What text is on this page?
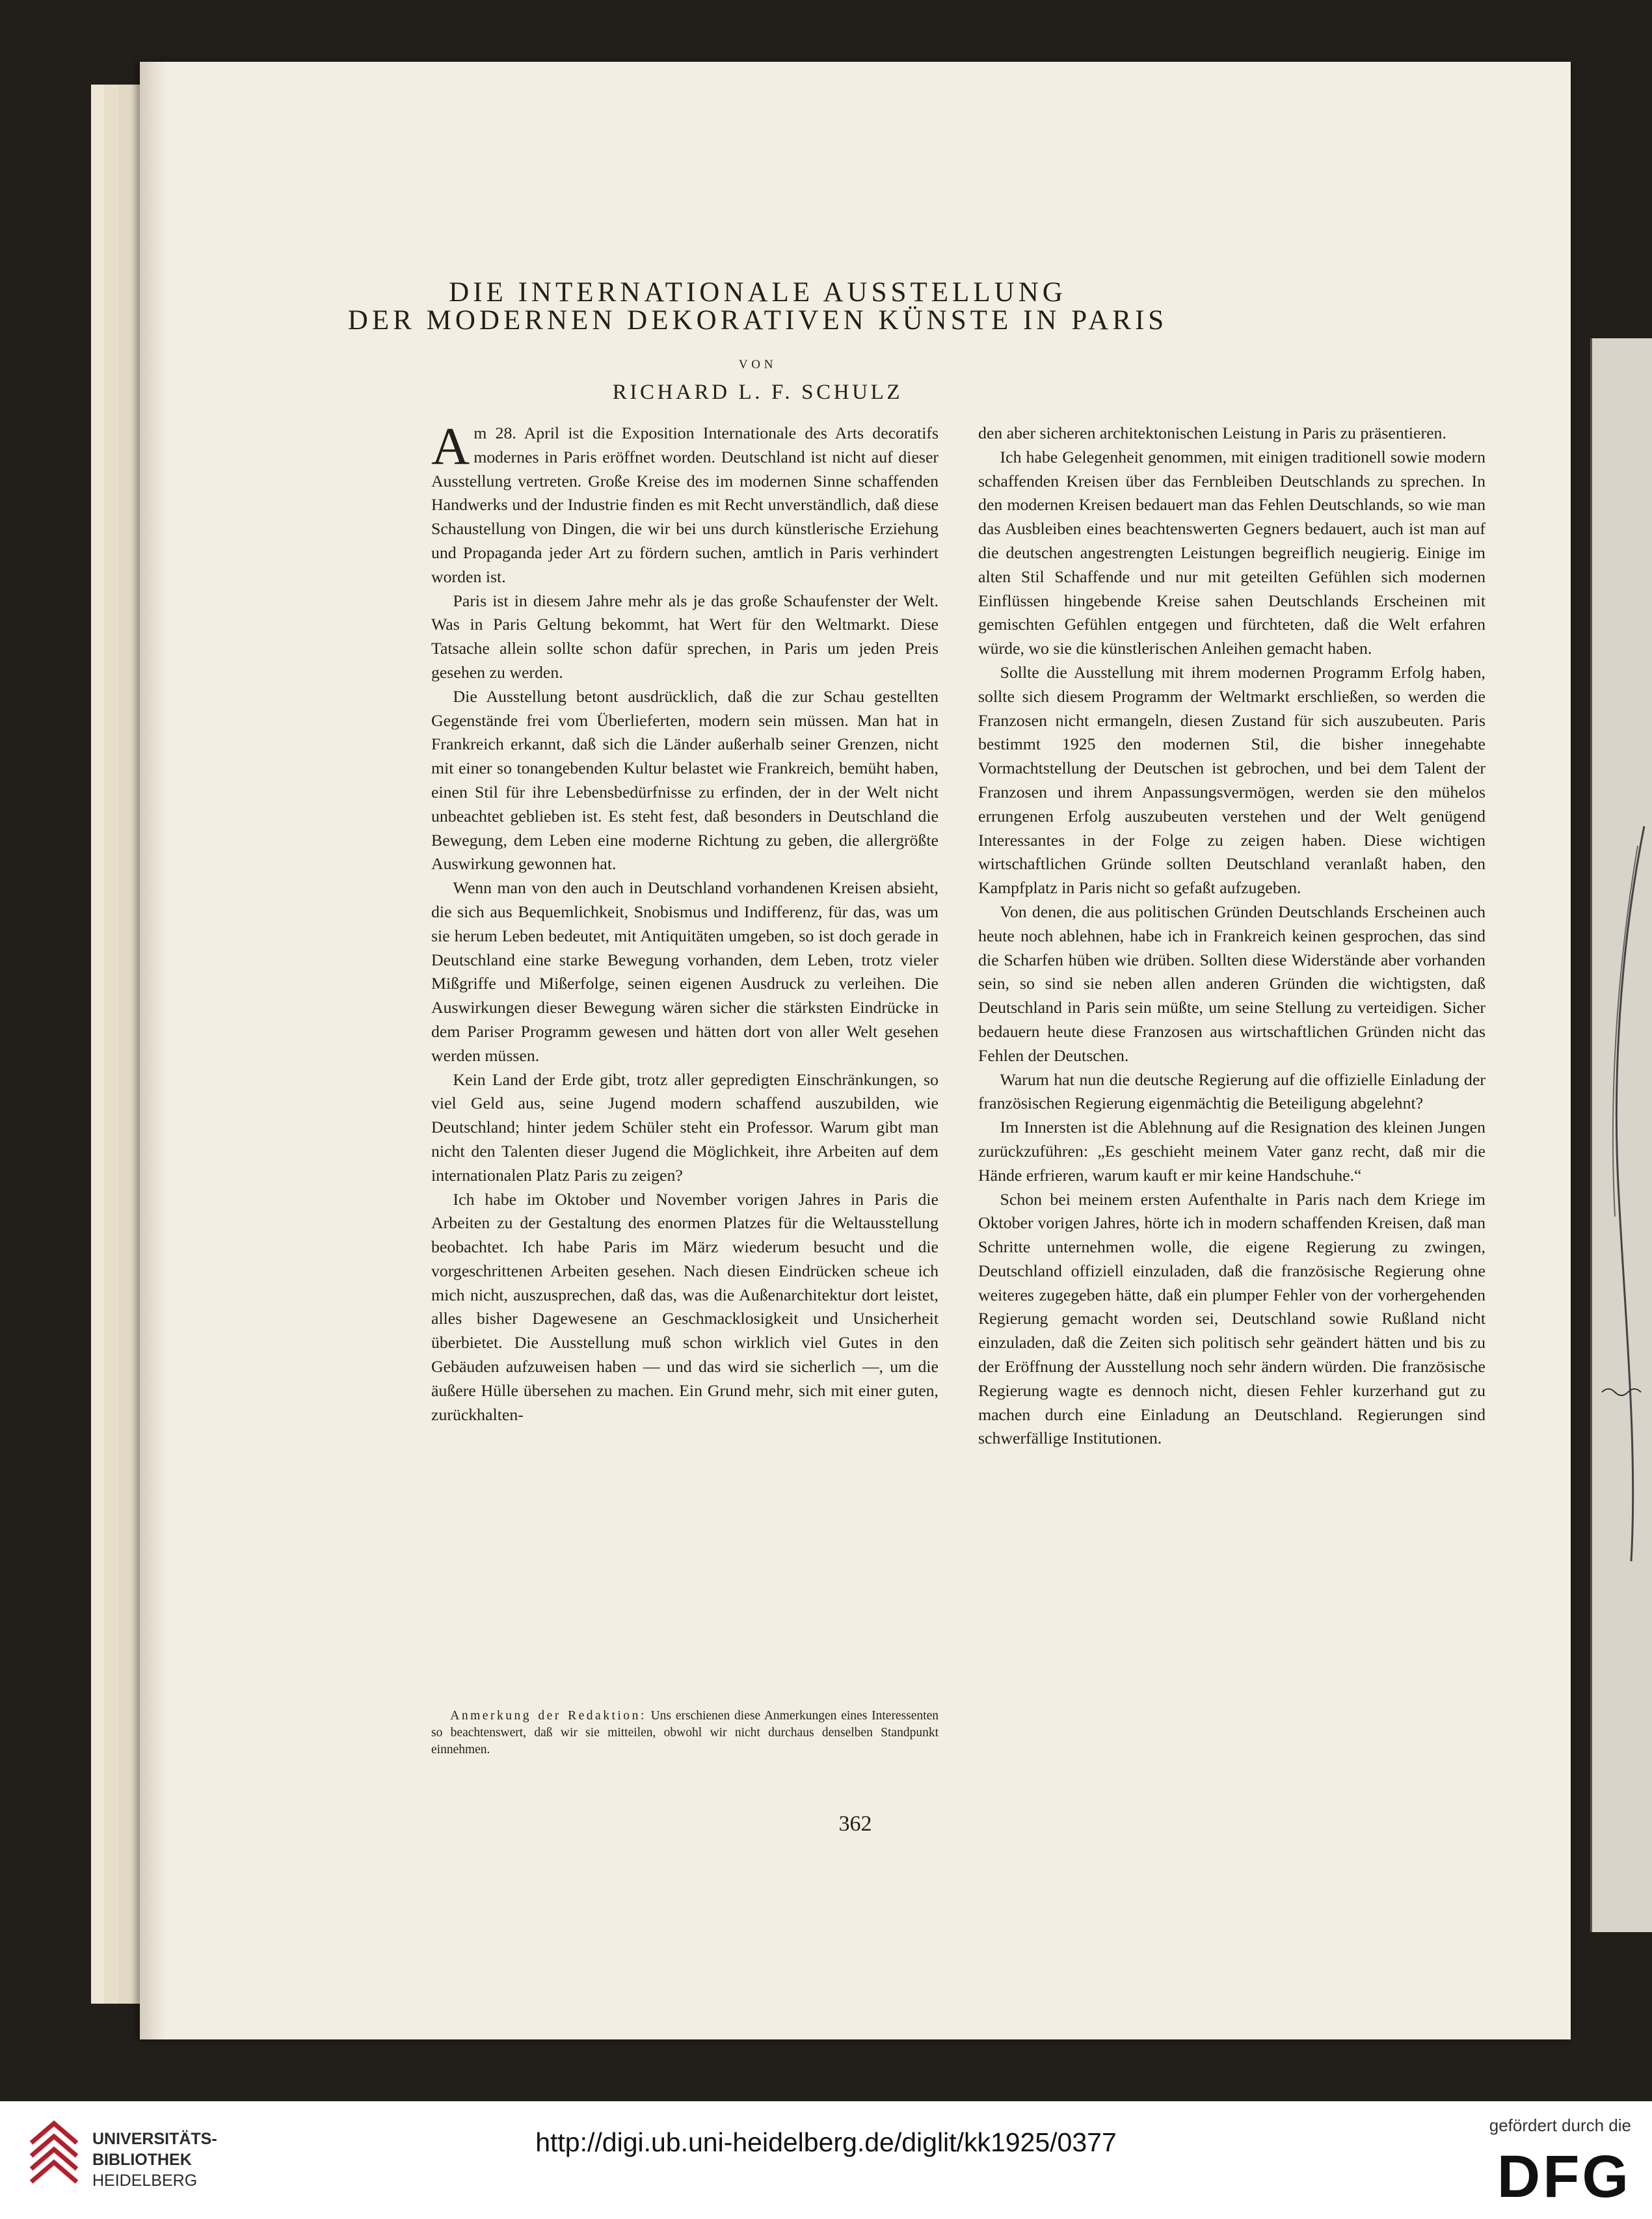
DIE INTERNATIONALE AUSSTELLUNG
DER MODERNEN DEKORATIVEN KÜNSTE IN PARIS
VON
RICHARD L. F. SCHULZ

Am 28. April ist die Exposition Internationale des Arts decoratifs modernes in Paris eröffnet worden. Deutschland ist nicht auf dieser Ausstellung vertreten. Große Kreise des im modernen Sinne schaffenden Handwerks und der Industrie finden es mit Recht unverständlich, daß diese Schaustellung von Dingen, die wir bei uns durch künstlerische Erziehung und Propaganda jeder Art zu fördern suchen, amtlich in Paris verhindert worden ist.

Paris ist in diesem Jahre mehr als je das große Schaufenster der Welt. Was in Paris Geltung bekommt, hat Wert für den Weltmarkt. Diese Tatsache allein sollte schon dafür sprechen, in Paris um jeden Preis gesehen zu werden.

Die Ausstellung betont ausdrücklich, daß die zur Schau gestellten Gegenstände frei vom Überlieferten, modern sein müssen. Man hat in Frankreich erkannt, daß sich die Länder außerhalb seiner Grenzen, nicht mit einer so tonangebenden Kultur belastet wie Frankreich, bemüht haben, einen Stil für ihre Lebensbedürfnisse zu erfinden, der in der Welt nicht unbeachtet geblieben ist. Es steht fest, daß besonders in Deutschland die Bewegung, dem Leben eine moderne Richtung zu geben, die allergrößte Auswirkung gewonnen hat.

Wenn man von den auch in Deutschland vorhandenen Kreisen absieht, die sich aus Bequemlichkeit, Snobismus und Indifferenz, für das, was um sie herum Leben bedeutet, mit Antiquitäten umgeben, so ist doch gerade in Deutschland eine starke Bewegung vorhanden, dem Leben, trotz vieler Mißgriffe und Mißerfolge, seinen eigenen Ausdruck zu verleihen. Die Auswirkungen dieser Bewegung wären sicher die stärksten Eindrücke in dem Pariser Programm gewesen und hätten dort von aller Welt gesehen werden müssen.

Kein Land der Erde gibt, trotz aller gepredigten Einschränkungen, so viel Geld aus, seine Jugend modern schaffend auszubilden, wie Deutschland; hinter jedem Schüler steht ein Professor. Warum gibt man nicht den Talenten dieser Jugend die Möglichkeit, ihre Arbeiten auf dem internationalen Platz Paris zu zeigen?

Ich habe im Oktober und November vorigen Jahres in Paris die Arbeiten zu der Gestaltung des enormen Platzes für die Weltausstellung beobachtet. Ich habe Paris im März wiederum besucht und die vorgeschrittenen Arbeiten gesehen. Nach diesen Eindrücken scheue ich mich nicht, auszusprechen, daß das, was die Außenarchitektur dort leistet, alles bisher Dagewesene an Geschmacklosigkeit und Unsicherheit überbietet. Die Ausstellung muß schon wirklich viel Gutes in den Gebäuden aufzuweisen haben — und das wird sie sicherlich —, um die äußere Hülle übersehen zu machen. Ein Grund mehr, sich mit einer guten, zurückhalten-

Anmerkung der Redaktion: Uns erschienen diese Anmerkungen eines Interessenten so beachtenswert, daß wir sie mitteilen, obwohl wir nicht durchaus denselben Standpunkt einnehmen.

den aber sicheren architektonischen Leistung in Paris zu präsentieren.

Ich habe Gelegenheit genommen, mit einigen traditionell sowie modern schaffenden Kreisen über das Fernbleiben Deutschlands zu sprechen. In den modernen Kreisen bedauert man das Fehlen Deutschlands, so wie man das Ausbleiben eines beachtenswerten Gegners bedauert, auch ist man auf die deutschen angestrengten Leistungen begreiflich neugierig. Einige im alten Stil Schaffende und nur mit geteilten Gefühlen sich modernen Einflüssen hingebende Kreise sahen Deutschlands Erscheinen mit gemischten Gefühlen entgegen und fürchteten, daß die Welt erfahren würde, wo sie die künstlerischen Anleihen gemacht haben.

Sollte die Ausstellung mit ihrem modernen Programm Erfolg haben, sollte sich diesem Programm der Weltmarkt erschließen, so werden die Franzosen nicht ermangeln, diesen Zustand für sich auszubeuten. Paris bestimmt 1925 den modernen Stil, die bisher innegehabte Vormachtstellung der Deutschen ist gebrochen, und bei dem Talent der Franzosen und ihrem Anpassungsvermögen, werden sie den mühelos errungenen Erfolg auszubeuten verstehen und der Welt genügend Interessantes in der Folge zu zeigen haben. Diese wichtigen wirtschaftlichen Gründe sollten Deutschland veranlaßt haben, den Kampfplatz in Paris nicht so gefaßt aufzugeben.

Von denen, die aus politischen Gründen Deutschlands Erscheinen auch heute noch ablehnen, habe ich in Frankreich keinen gesprochen, das sind die Scharfen hüben wie drüben. Sollten diese Widerstände aber vorhanden sein, so sind sie neben allen anderen Gründen die wichtigsten, daß Deutschland in Paris sein müßte, um seine Stellung zu verteidigen. Sicher bedauern heute diese Franzosen aus wirtschaftlichen Gründen nicht das Fehlen der Deutschen.

Warum hat nun die deutsche Regierung auf die offizielle Einladung der französischen Regierung eigenmächtig die Beteiligung abgelehnt?

Im Innersten ist die Ablehnung auf die Resignation des kleinen Jungen zurückzuführen: „Es geschieht meinem Vater ganz recht, daß mir die Hände erfrieren, warum kauft er mir keine Handschuhe.“

Schon bei meinem ersten Aufenthalte in Paris nach dem Kriege im Oktober vorigen Jahres, hörte ich in modern schaffenden Kreisen, daß man Schritte unternehmen wolle, die eigene Regierung zu zwingen, Deutschland offiziell einzuladen, daß die französische Regierung ohne weiteres zugegeben hätte, daß ein plumper Fehler von der vorhergehenden Regierung gemacht worden sei, Deutschland sowie Rußland nicht einzuladen, daß die Zeiten sich politisch sehr geändert hätten und bis zu der Eröffnung der Ausstellung noch sehr ändern würden. Die französische Regierung wagte es dennoch nicht, diesen Fehler kurzerhand gut zu machen durch eine Einladung an Deutschland. Regierungen sind schwerfällige Institutionen.

362
UNIVERSITÄTS-
BIBLIOTHEK
HEIDELBERG
http://digi.ub.uni-heidelberg.de/diglit/kk1925/0377
gefördert durch die
DFG
